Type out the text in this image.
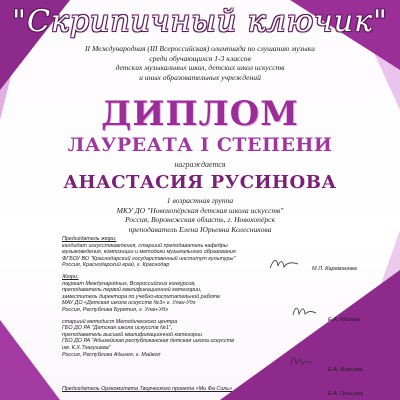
"Скрипичный ключик"
II Международная (III Всероссийская) олимпиада по слушанию музыки
среди обучающихся 1-3 классов
детских музыкальных школ, детских школ искусств
и иных образовательных учреждений
ДИПЛОМ
ЛАУРЕАТА I СТЕПЕНИ
награждается
АНАСТАСИЯ РУСИНОВА
1 возрастная группа
МКУ ДО "Новохопёрская детская школа искусств"
Россия, Воронежская область, г. Новохопёрск
преподаватель Елена Юрьевна Колесникова
Председатель жюри:
кандидат искусствоведения, старший преподаватель кафедры
музыковедения, композиции и методики музыкального образования
ФГБОУ ВО "Краснодарский государственный институт культуры"
Россия, Краснодарский край, г. Краснодар
М.Л. Караманова
Жюри:
лауреат Международных, Всероссийских конкурсов,
преподаватель первой квалификационной категории,
заместитель директора по учебно-воспитательной работе
МАУ ДО «Детская школа искусств №3» г. Улан-Удэ
Россия, Республика Бурятия, г. Улан-Удэ
старший методист Методического центра
ГБО ДО РА "Детская школа искусств №1",
преподаватель высшей квалификационной категории
ГБО ДО РА "Адыгейская республиканская детская школа искусств
им. К.Х.Тхагушева"
Россия, Республика Адыгея, г. Майкоп
Е.А. Махова
Е.А. Фирсова
Председатель Оргкомитета Творческого проекта «Ми Фа Соль»
Е.А. Гришина
